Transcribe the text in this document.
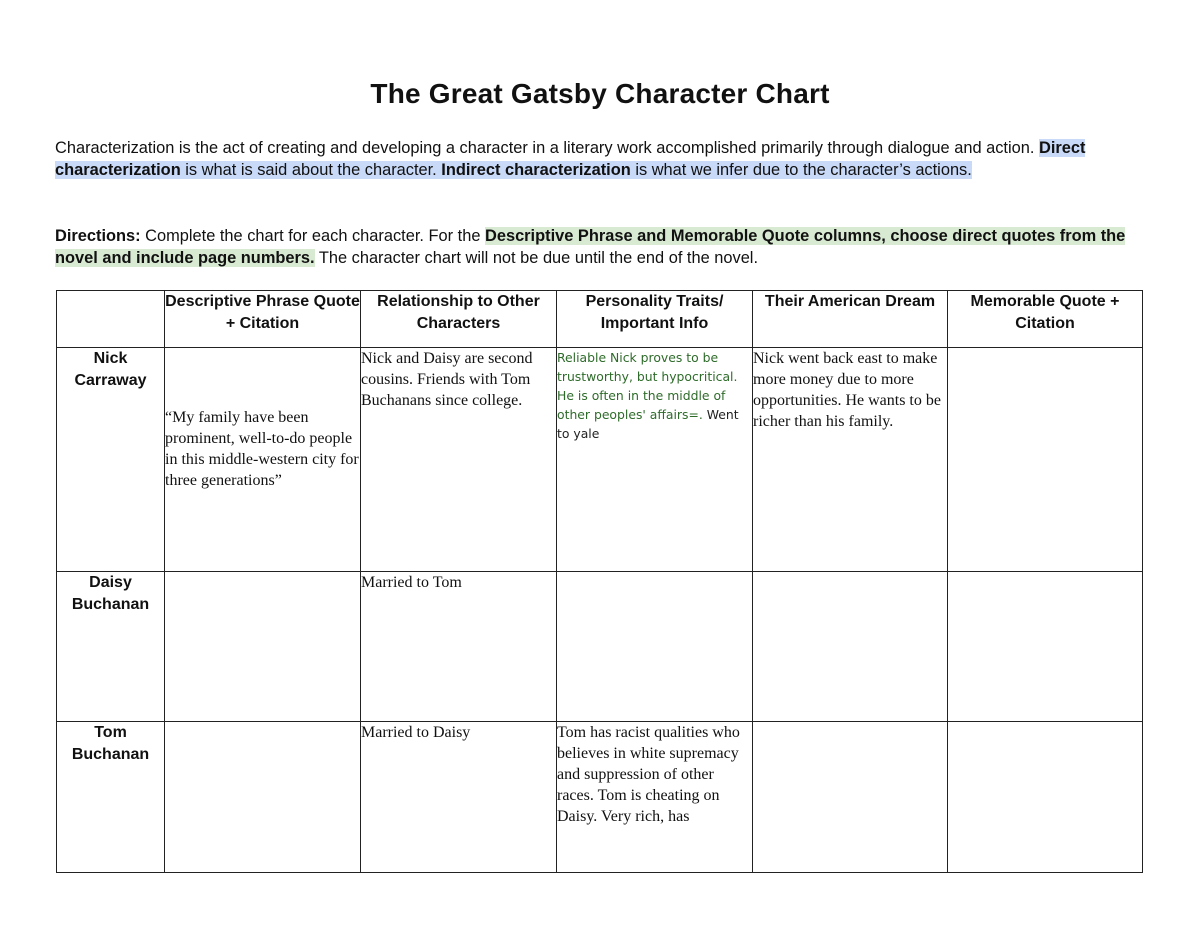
The Great Gatsby Character Chart
Characterization is the act of creating and developing a character in a literary work accomplished primarily through dialogue and action. Direct characterization is what is said about the character. Indirect characterization is what we infer due to the character’s actions.
Directions: Complete the chart for each character. For the Descriptive Phrase and Memorable Quote columns, choose direct quotes from the novel and include page numbers. The character chart will not be due until the end of the novel.
	Descriptive Phrase Quote + Citation	Relationship to Other Characters	Personality Traits/ Important Info	Their American Dream	Memorable Quote + Citation
Nick Carraway	“My family have been prominent, well-to-do people in this middle-western city for three generations”	Nick and Daisy are second cousins. Friends with Tom Buchanans since college.	Reliable Nick proves to be trustworthy, but hypocritical. He is often in the middle of other peoples' affairs=. Went to yale	Nick went back east to make more money due to more opportunities. He wants to be richer than his family.	
Daisy Buchanan		Married to Tom			
Tom Buchanan		Married to Daisy	Tom has racist qualities who believes in white supremacy and suppression of other races. Tom is cheating on Daisy. Very rich, has		
